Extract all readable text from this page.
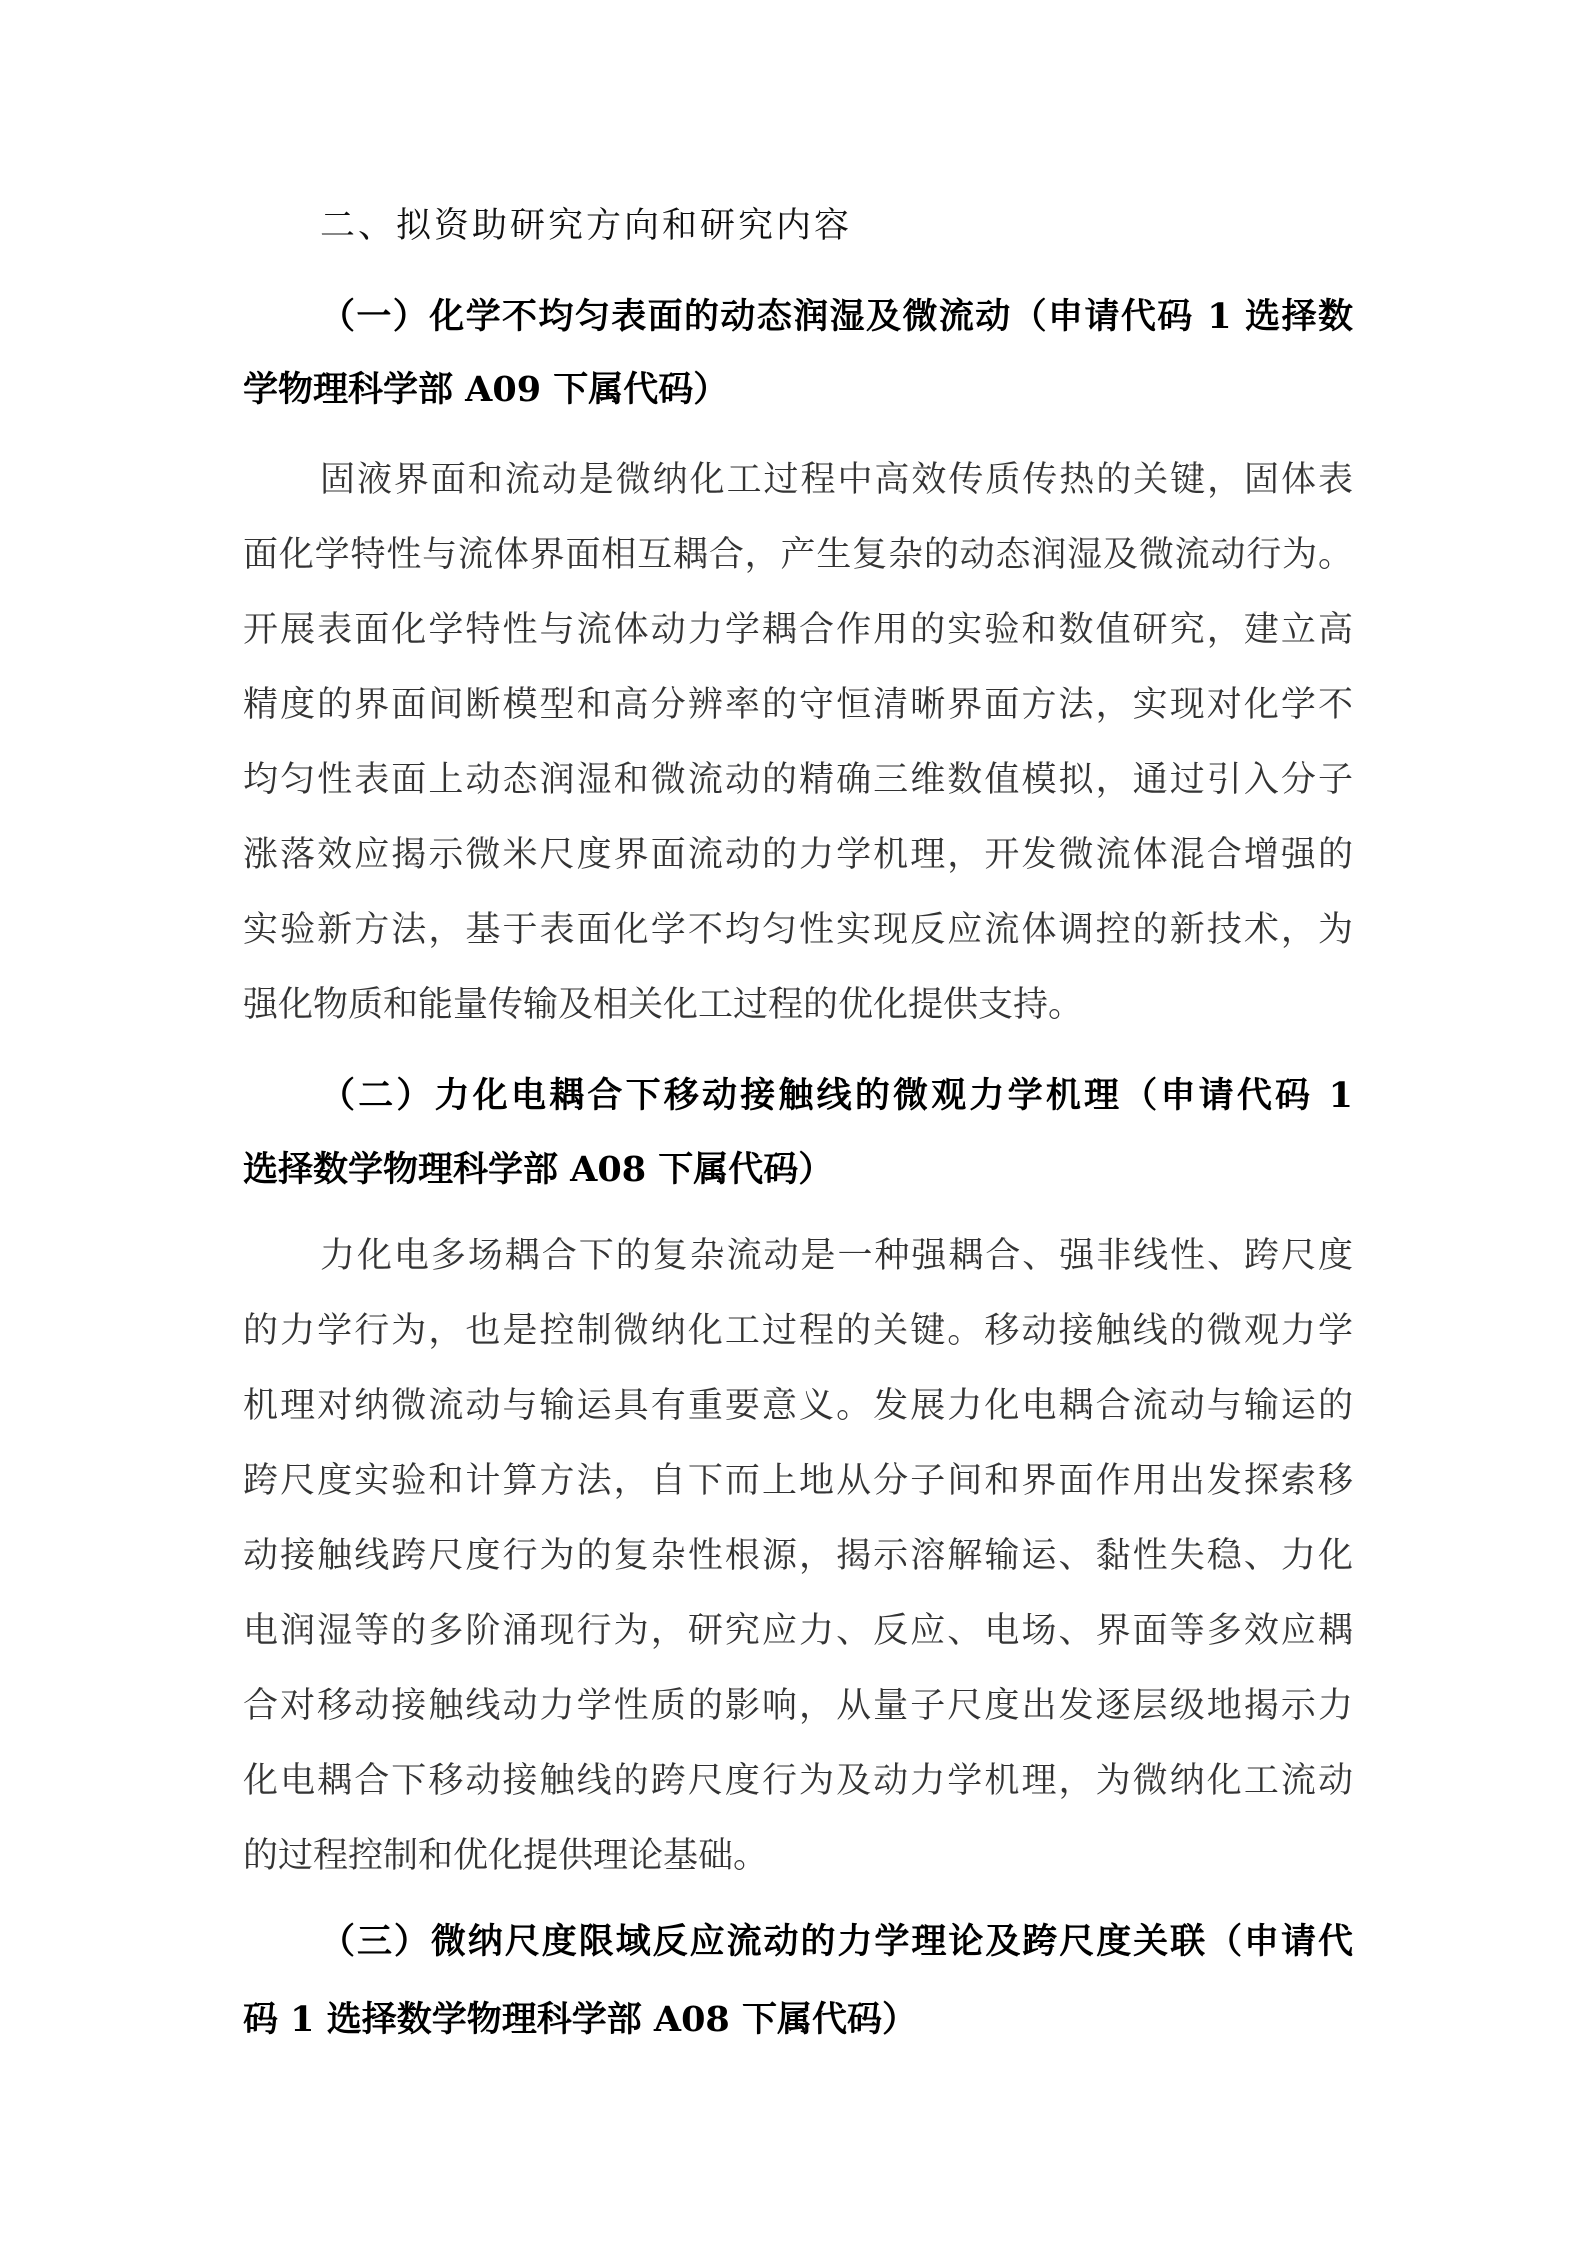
二、拟资助研究方向和研究内容
（一）化学不均匀表面的动态润湿及微流动（申请代码 1 选择数
学物理科学部 A09 下属代码）
固液界面和流动是微纳化工过程中高效传质传热的关键，固体表
面化学特性与流体界面相互耦合，产生复杂的动态润湿及微流动行为。
开展表面化学特性与流体动力学耦合作用的实验和数值研究，建立高
精度的界面间断模型和高分辨率的守恒清晰界面方法，实现对化学不
均匀性表面上动态润湿和微流动的精确三维数值模拟，通过引入分子
涨落效应揭示微米尺度界面流动的力学机理，开发微流体混合增强的
实验新方法，基于表面化学不均匀性实现反应流体调控的新技术，为
强化物质和能量传输及相关化工过程的优化提供支持。
（二）力化电耦合下移动接触线的微观力学机理（申请代码 1
选择数学物理科学部 A08 下属代码）
力化电多场耦合下的复杂流动是一种强耦合、强非线性、跨尺度
的力学行为，也是控制微纳化工过程的关键。移动接触线的微观力学
机理对纳微流动与输运具有重要意义。发展力化电耦合流动与输运的
跨尺度实验和计算方法，自下而上地从分子间和界面作用出发探索移
动接触线跨尺度行为的复杂性根源，揭示溶解输运、黏性失稳、力化
电润湿等的多阶涌现行为，研究应力、反应、电场、界面等多效应耦
合对移动接触线动力学性质的影响，从量子尺度出发逐层级地揭示力
化电耦合下移动接触线的跨尺度行为及动力学机理，为微纳化工流动
的过程控制和优化提供理论基础。
（三）微纳尺度限域反应流动的力学理论及跨尺度关联（申请代
码 1 选择数学物理科学部 A08 下属代码）
